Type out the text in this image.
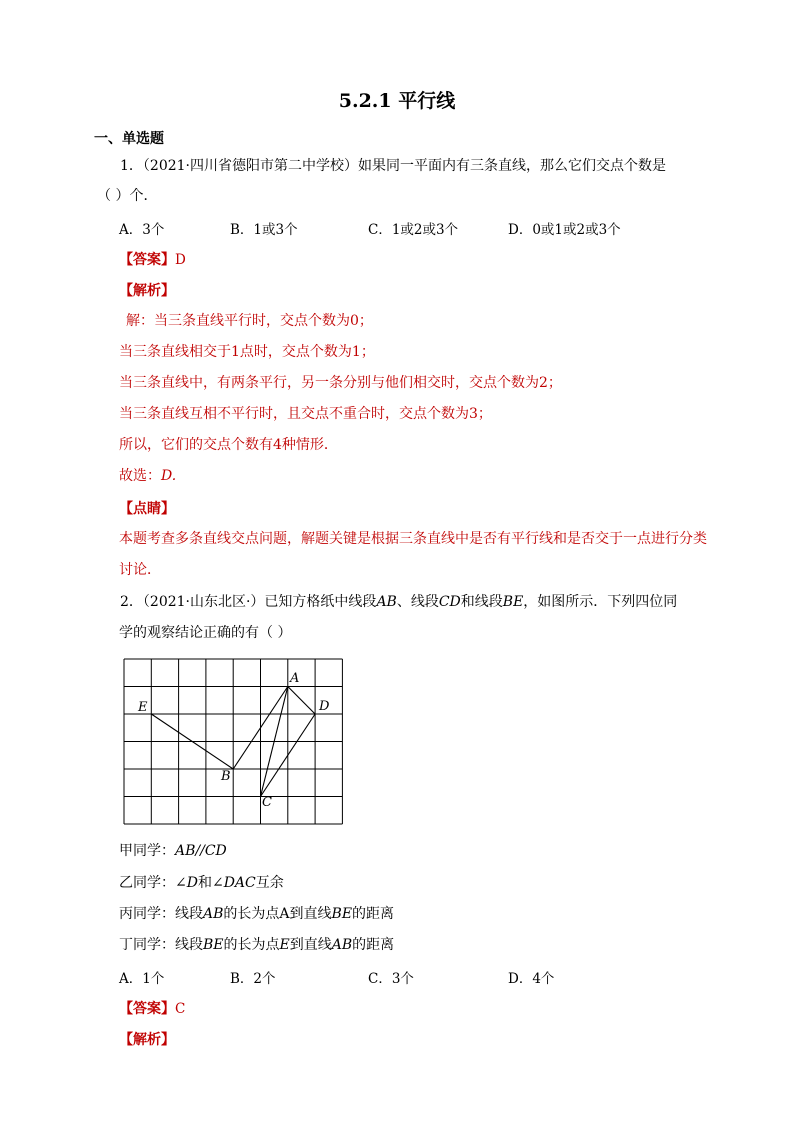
5.2.1 平行线
一、单选题
1．（2021·四川省德阳市第二中学校）如果同一平面内有三条直线，那么它们交点个数是
（ ）个．
A．3个	B．1或3个	C．1或2或3个	D．0或1或2或3个
【答案】D
【解析】
解：当三条直线平行时，交点个数为0；
当三条直线相交于1点时，交点个数为1；
当三条直线中，有两条平行，另一条分别与他们相交时，交点个数为2；
当三条直线互相不平行时，且交点不重合时，交点个数为3；
所以，它们的交点个数有4种情形．
故选：D.
【点睛】
本题考查多条直线交点问题，解题关键是根据三条直线中是否有平行线和是否交于一点进行分类
讨论．
2．（2021·山东北区·）已知方格纸中线段AB、线段CD和线段BE，如图所示．下列四位同
学的观察结论正确的有（ ）
A
B
C
D
E
甲同学：AB//CD
乙同学：∠D和∠DAC互余
丙同学：线段AB的长为点A到直线BE的距离
丁同学：线段BE的长为点E到直线AB的距离
A．1个	B．2个	C．3个	D．4个
【答案】C
【解析】
